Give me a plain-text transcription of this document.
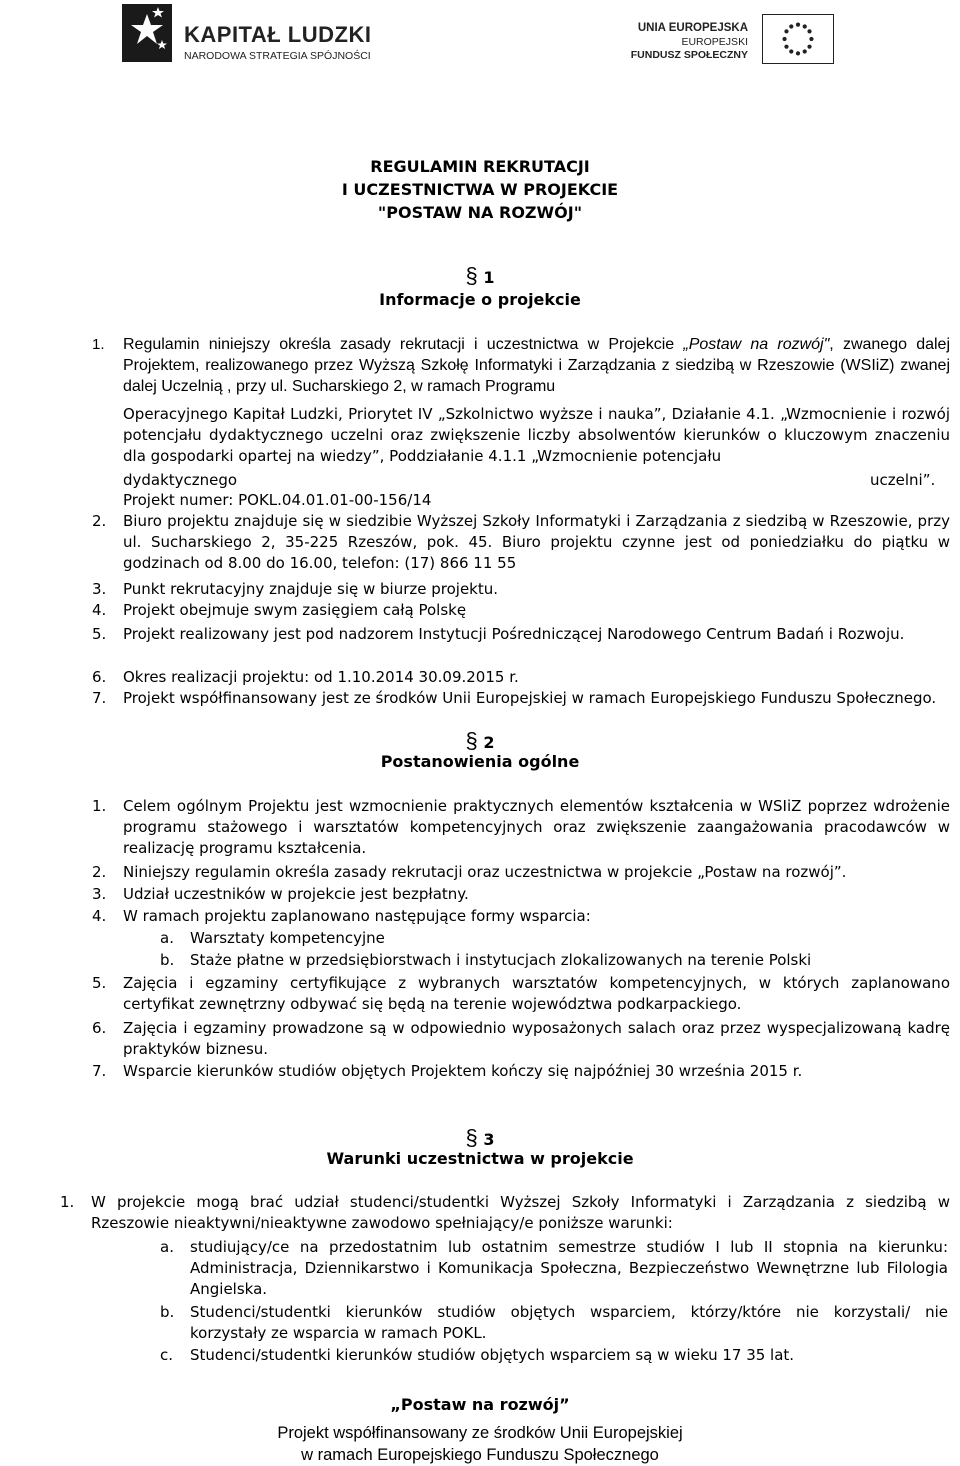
KAPITAŁ LUDZKI
NARODOWA STRATEGIA SPÓJNOŚCI
UNIA EUROPEJSKA
EUROPEJSKI
FUNDUSZ SPOŁECZNY
REGULAMIN REKRUTACJI
I UCZESTNICTWA W PROJEKCIE
"POSTAW NA ROZWÓJ"
§ 1
Informacje o projekcie
1. Regulamin niniejszy określa zasady rekrutacji i uczestnictwa w Projekcie „Postaw na rozwój", zwanego dalej Projektem, realizowanego przez Wyższą Szkołę Informatyki i Zarządzania z siedzibą w Rzeszowie (WSIiZ) zwanej dalej Uczelnią , przy ul. Sucharskiego 2, w ramach Programu

Operacyjnego Kapitał Ludzki, Priorytet IV „Szkolnictwo wyższe i nauka”, Działanie 4.1. „Wzmocnienie i rozwój potencjału dydaktycznego uczelni oraz zwiększenie liczby absolwentów kierunków o kluczowym znaczeniu dla gospodarki opartej na wiedzy”, Poddziałanie 4.1.1 „Wzmocnienie potencjału

dydaktycznego	uczelni”.
Projekt numer: POKL.04.01.01-00-156/14
2. Biuro projektu znajduje się w siedzibie Wyższej Szkoły Informatyki i Zarządzania z siedzibą w Rzeszowie, przy ul. Sucharskiego 2, 35-225 Rzeszów, pok. 45. Biuro projektu czynne jest od poniedziałku do piątku w godzinach od 8.00 do 16.00, telefon: (17) 866 11 55

3. Punkt rekrutacyjny znajduje się w biurze projektu.

4. Projekt obejmuje swym zasięgiem całą Polskę

5. Projekt realizowany jest pod nadzorem Instytucji Pośredniczącej Narodowego Centrum Badań i Rozwoju.

6. Okres realizacji projektu: od 1.10.2014 30.09.2015 r.

7. Projekt współfinansowany jest ze środków Unii Europejskiej w ramach Europejskiego Funduszu Społecznego.

§ 2
Postanowienia ogólne
1. Celem ogólnym Projektu jest wzmocnienie praktycznych elementów kształcenia w WSIiZ poprzez wdrożenie programu stażowego i warsztatów kompetencyjnych oraz zwiększenie zaangażowania pracodawców w realizację programu kształcenia.

2. Niniejszy regulamin określa zasady rekrutacji oraz uczestnictwa w projekcie „Postaw na rozwój”.

3. Udział uczestników w projekcie jest bezpłatny.

4. W ramach projektu zaplanowano następujące formy wsparcia:

a. Warsztaty kompetencyjne

b. Staże płatne w przedsiębiorstwach i instytucjach zlokalizowanych na terenie Polski

5. Zajęcia i egzaminy certyfikujące z wybranych warsztatów kompetencyjnych, w których zaplanowano certyfikat zewnętrzny odbywać się będą na terenie województwa podkarpackiego.

6. Zajęcia i egzaminy prowadzone są w odpowiednio wyposażonych salach oraz przez wyspecjalizowaną kadrę praktyków biznesu.

7. Wsparcie kierunków studiów objętych Projektem kończy się najpóźniej 30 września 2015 r.

§ 3
Warunki uczestnictwa w projekcie
1. W projekcie mogą brać udział studenci/studentki Wyższej Szkoły Informatyki i Zarządzania z siedzibą w Rzeszowie nieaktywni/nieaktywne zawodowo spełniający/e poniższe warunki:

a. studiujący/ce na przedostatnim lub ostatnim semestrze studiów I lub II stopnia na kierunku: Administracja, Dziennikarstwo i Komunikacja Społeczna, Bezpieczeństwo Wewnętrzne lub Filologia Angielska.

b. Studenci/studentki kierunków studiów objętych wsparciem, którzy/które nie korzystali/ nie korzystały ze wsparcia w ramach POKL.

c. Studenci/studentki kierunków studiów objętych wsparciem są w wieku 17 35 lat.

„Postaw na rozwój”
Projekt współfinansowany ze środków Unii Europejskiej
w ramach Europejskiego Funduszu Społecznego
